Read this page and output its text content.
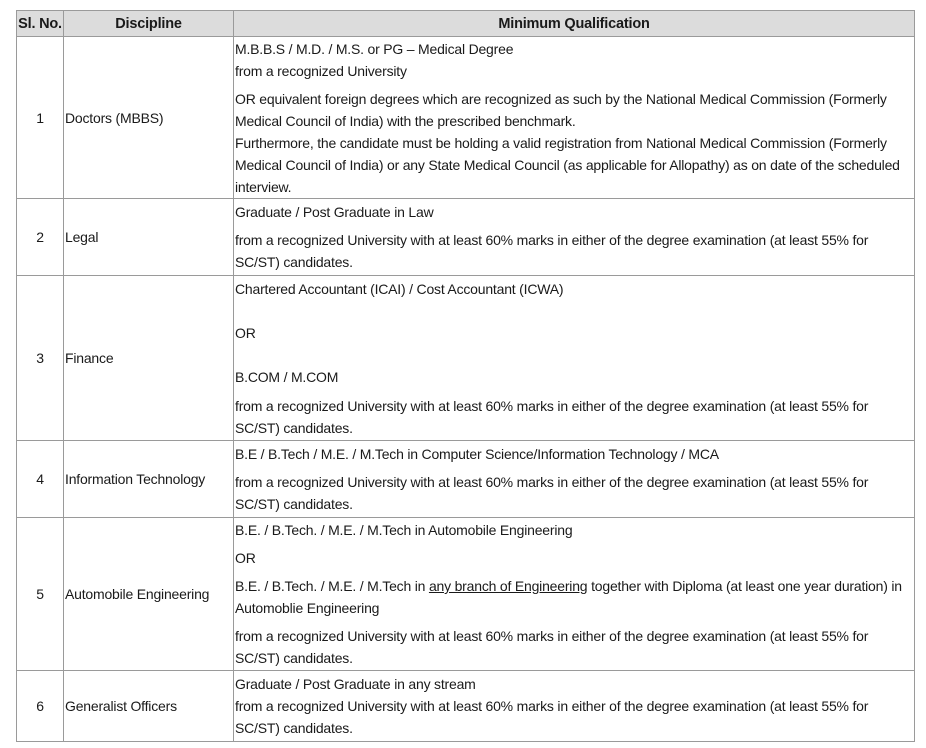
Sl. No.	Discipline	Minimum Qualification
1	Doctors (MBBS)	M.B.B.S / M.D. / M.S. or PG – Medical Degree

from a recognized University

OR equivalent foreign degrees which are recognized as such by the National Medical Commission (Formerly Medical Council of India) with the prescribed benchmark.

Furthermore, the candidate must be holding a valid registration from National Medical Commission (Formerly Medical Council of India) or any State Medical Council (as applicable for Allopathy) as on date of the scheduled interview.

2	Legal	Graduate / Post Graduate in Law

from a recognized University with at least 60% marks in either of the degree examination (at least 55% for SC/ST) candidates.

3	Finance	Chartered Accountant (ICAI) / Cost Accountant (ICWA)

OR

B.COM / M.COM

from a recognized University with at least 60% marks in either of the degree examination (at least 55% for SC/ST) candidates.

4	Information Technology	B.E / B.Tech / M.E. / M.Tech in Computer Science/Information Technology / MCA

from a recognized University with at least 60% marks in either of the degree examination (at least 55% for SC/ST) candidates.

5	Automobile Engineering	B.E. / B.Tech. / M.E. / M.Tech in Automobile Engineering

OR

B.E. / B.Tech. / M.E. / M.Tech in any branch of Engineering together with Diploma (at least one year duration) in Automoblie Engineering

from a recognized University with at least 60% marks in either of the degree examination (at least 55% for SC/ST) candidates.

6	Generalist Officers	Graduate / Post Graduate in any stream

from a recognized University with at least 60% marks in either of the degree examination (at least 55% for SC/ST) candidates.
